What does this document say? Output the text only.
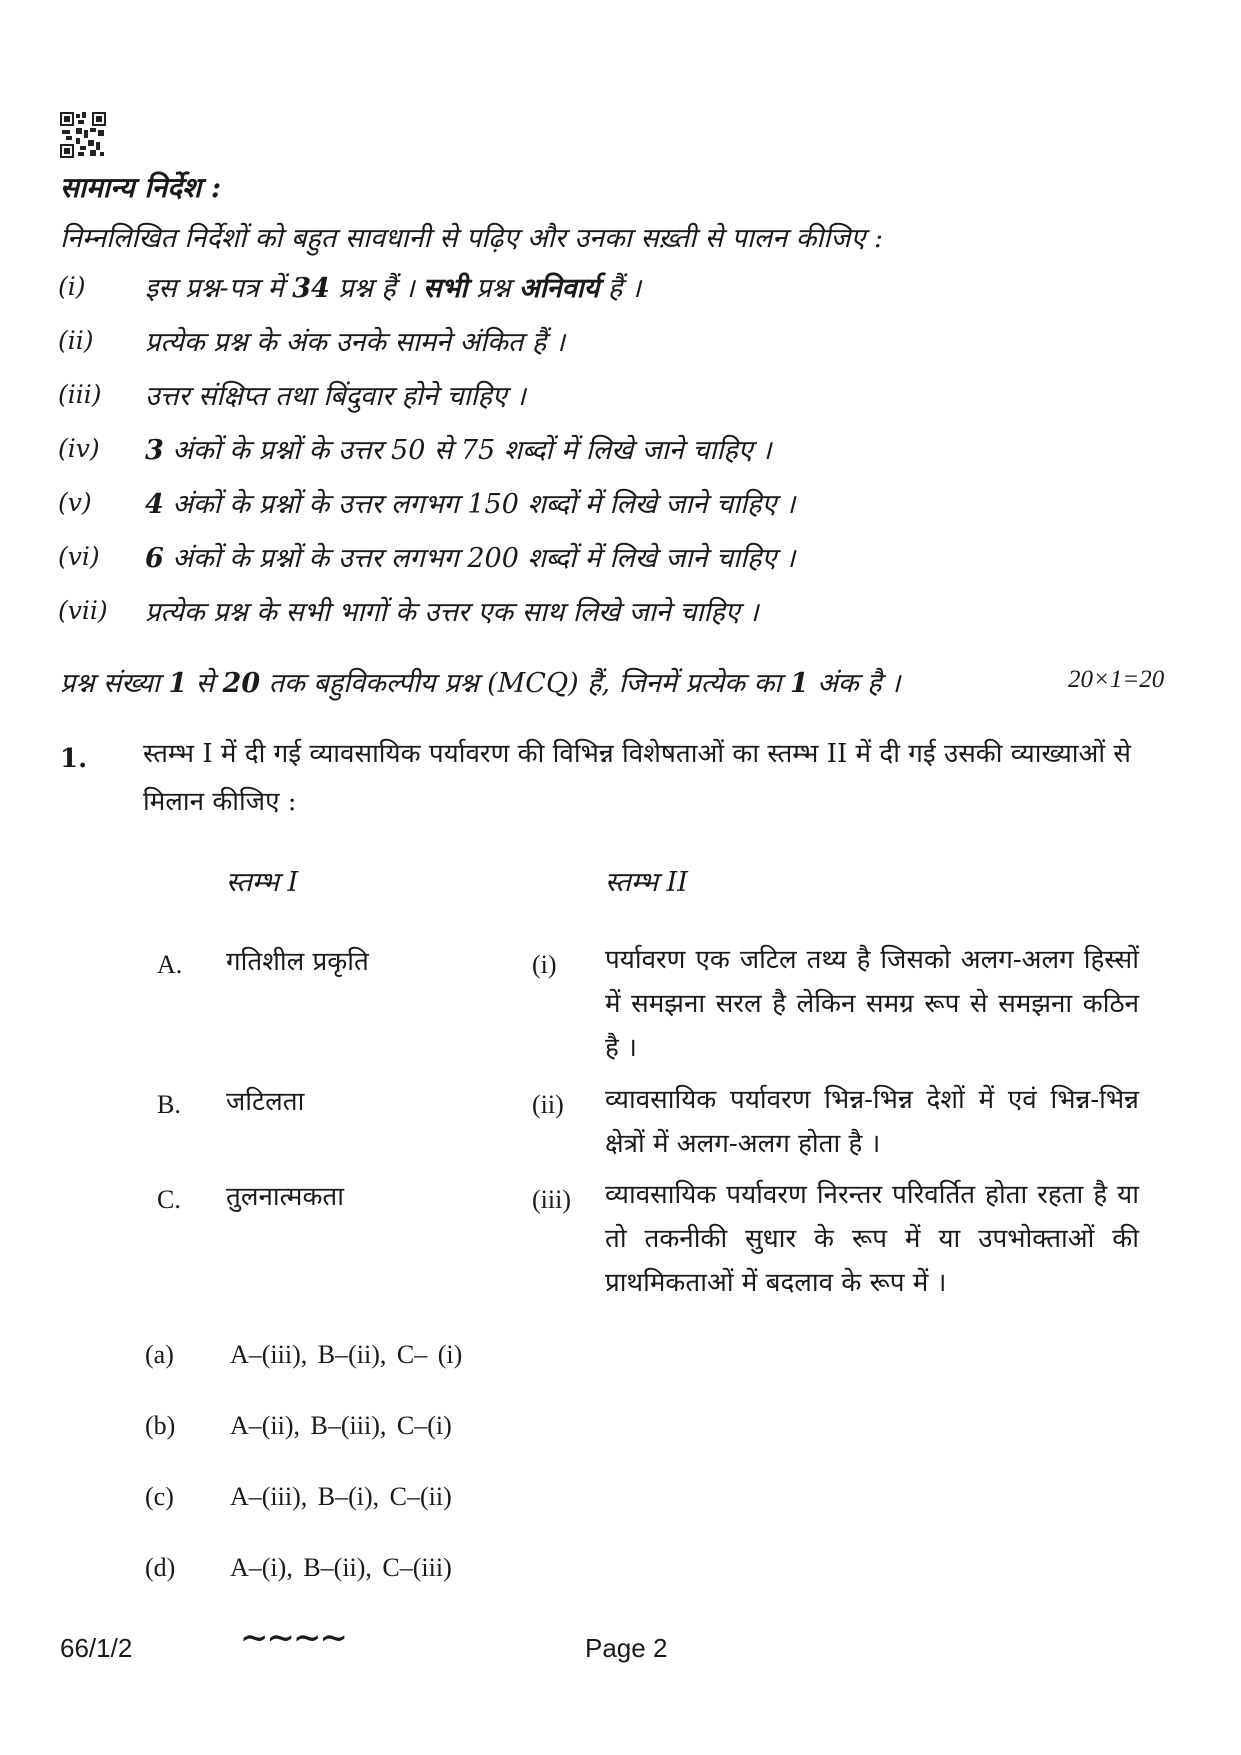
सामान्य निर्देश :
निम्नलिखित निर्देशों को बहुत सावधानी से पढ़िए और उनका सख़्ती से पालन कीजिए :
(i) इस प्रश्न-पत्र में 34 प्रश्न हैं । सभी प्रश्न अनिवार्य हैं ।
(ii) प्रत्येक प्रश्न के अंक उनके सामने अंकित हैं ।
(iii) उत्तर संक्षिप्त तथा बिंदुवार होने चाहिए ।
(iv) 3 अंकों के प्रश्नों के उत्तर 50 से 75 शब्दों में लिखे जाने चाहिए ।
(v) 4 अंकों के प्रश्नों के उत्तर लगभग 150 शब्दों में लिखे जाने चाहिए ।
(vi) 6 अंकों के प्रश्नों के उत्तर लगभग 200 शब्दों में लिखे जाने चाहिए ।
(vii) प्रत्येक प्रश्न के सभी भागों के उत्तर एक साथ लिखे जाने चाहिए ।
प्रश्न संख्या 1 से 20 तक बहुविकल्पीय प्रश्न (MCQ) हैं, जिनमें प्रत्येक का 1 अंक है ।	20×1=20
1. स्तम्भ I में दी गई व्यावसायिक पर्यावरण की विभिन्न विशेषताओं का स्तम्भ II में दी गई उसकी व्याख्याओं से मिलान कीजिए :
स्तम्भ I	स्तम्भ II
A. गतिशील प्रकृति	(i) पर्यावरण एक जटिल तथ्य है जिसको अलग-अलग हिस्सों में समझना सरल है लेकिन समग्र रूप से समझना कठिन है ।
B. जटिलता	(ii) व्यावसायिक पर्यावरण भिन्न-भिन्न देशों में एवं भिन्न-भिन्न क्षेत्रों में अलग-अलग होता है ।
C. तुलनात्मकता	(iii) व्यावसायिक पर्यावरण निरन्तर परिवर्तित होता रहता है या तो तकनीकी सुधार के रूप में या उपभोक्ताओं की प्राथमिकताओं में बदलाव के रूप में ।
(a) A–(iii), B–(ii), C– (i)
(b) A–(ii), B–(iii), C–(i)
(c) A–(iii), B–(i), C–(ii)
(d) A–(i), B–(ii), C–(iii)
66/1/2	∼∼∼∼	Page 2
